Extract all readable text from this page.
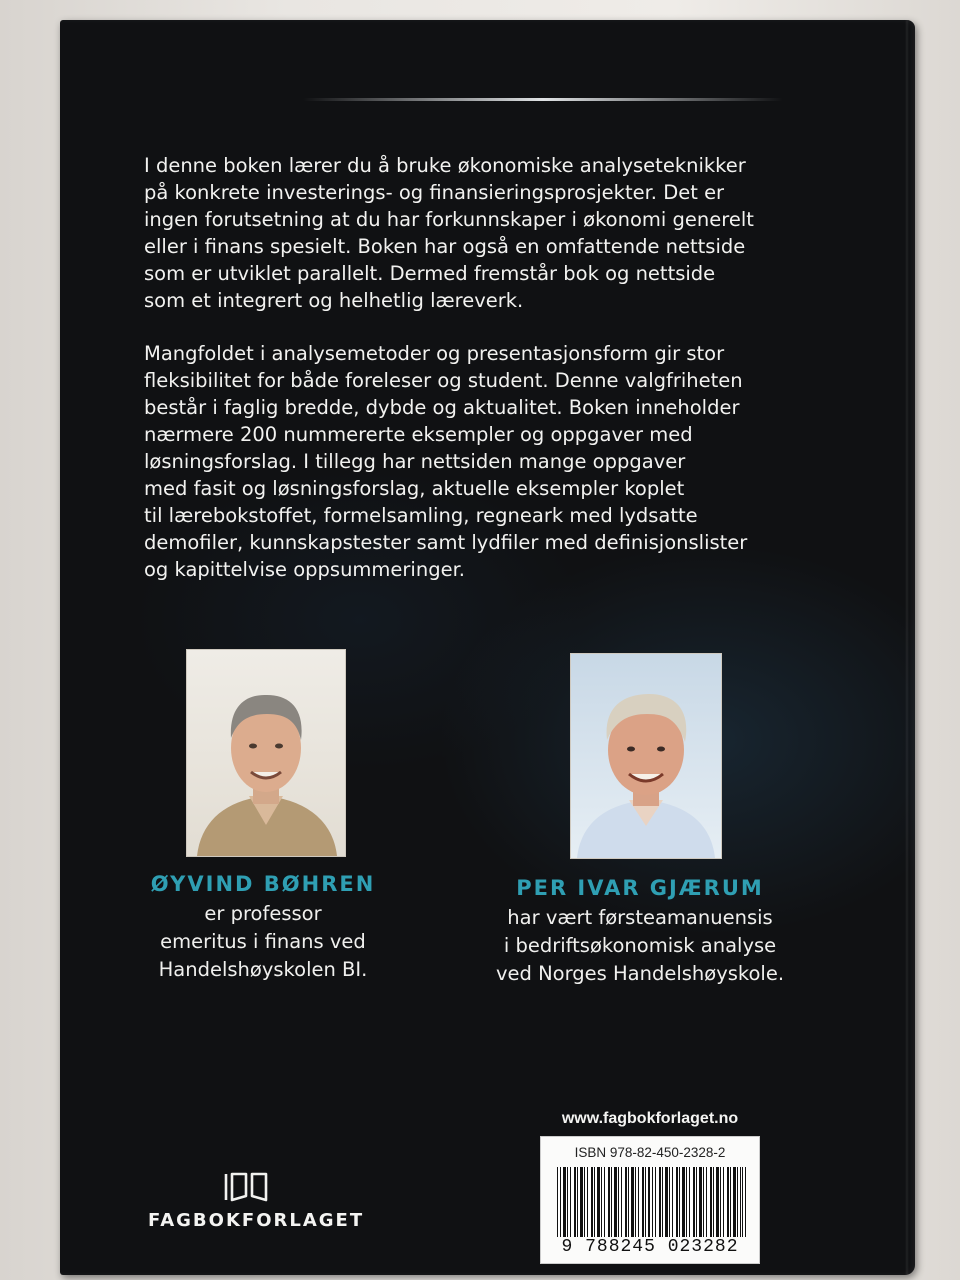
I denne boken lærer du å bruke økonomiske analyseteknikker
på konkrete investerings- og finansieringsprosjekter. Det er
ingen forutsetning at du har forkunnskaper i økonomi generelt
eller i finans spesielt. Boken har også en omfattende nettside
som er utviklet parallelt. Dermed fremstår bok og nettside
som et integrert og helhetlig læreverk.

Mangfoldet i analysemetoder og presentasjonsform gir stor
fleksibilitet for både foreleser og student. Denne valgfriheten
består i faglig bredde, dybde og aktualitet. Boken inneholder
nærmere 200 nummererte eksempler og oppgaver med
løsningsforslag. I tillegg har nettsiden mange oppgaver
med fasit og løsningsforslag, aktuelle eksempler koplet
til lærebokstoffet, formelsamling, regneark med lydsatte
demofiler, kunnskapstester samt lydfiler med definisjonslister
og kapittelvise oppsummeringer.

ØYVIND BØHREN

er professor
emeritus i finans ved
Handelshøyskolen BI.

PER IVAR GJÆRUM

har vært førsteamanuensis
i bedriftsøkonomisk analyse
ved Norges Handelshøyskole.

www.fagbokforlaget.no
ISBN 978-82-450-2328-2
9 788245 023282
FAGBOKFORLAGET
